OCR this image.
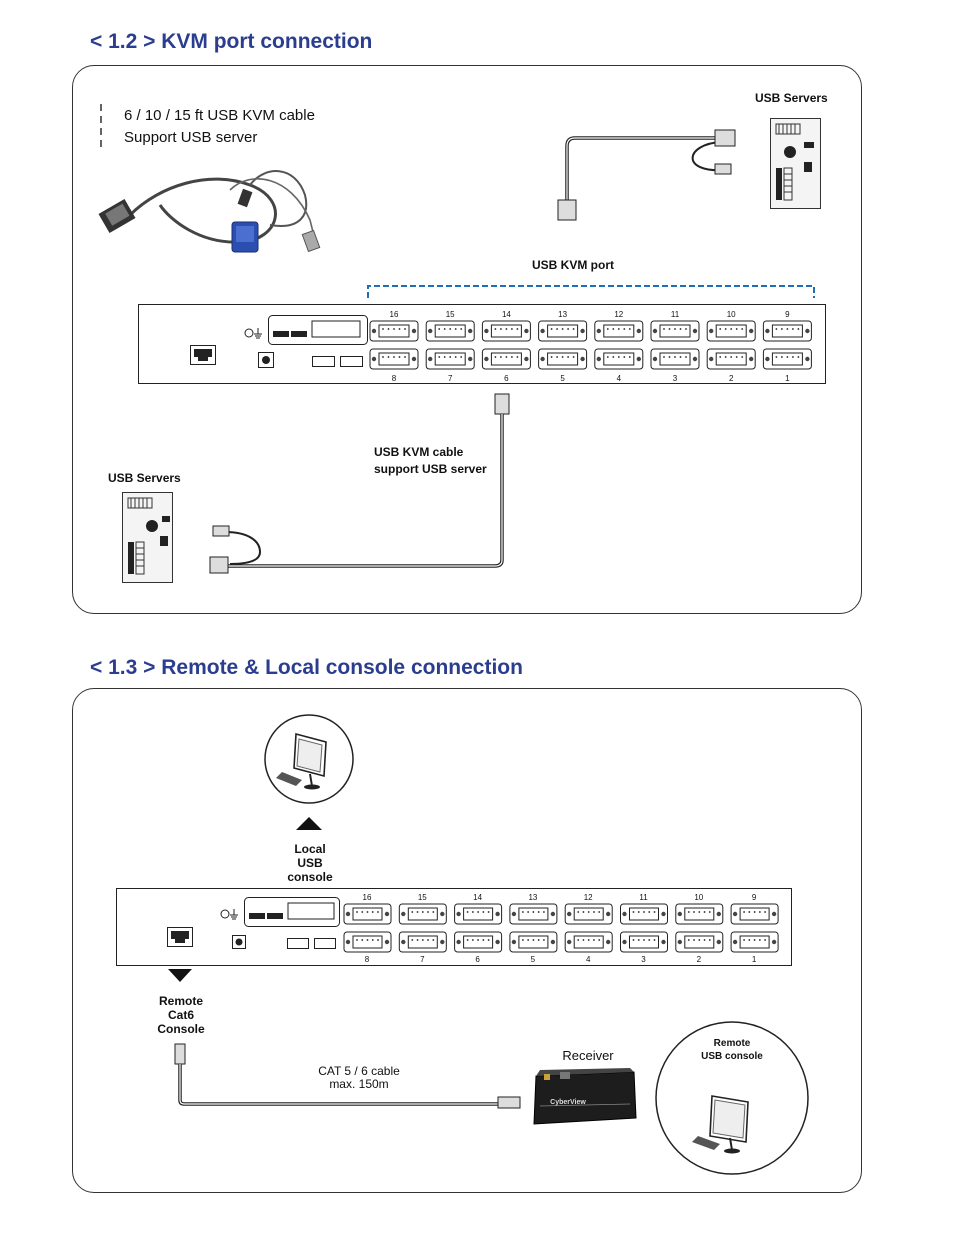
< 1.2 > KVM port connection
6 / 10 / 15 ft USB KVM cable
Support USB server
USB Servers
USB KVM port
16	15	14	13	12	11	10	9
8	7	6	5	4	3	2	1
USB KVM cable
support USB server
USB Servers
< 1.3 > Remote & Local console connection
Local
USB
console
16	15	14	13	12	11	10	9
8	7	6	5	4	3	2	1
Remote
Cat6
Console
CAT 5 / 6 cable
max. 150m
Receiver
CyberView
Remote
USB console
